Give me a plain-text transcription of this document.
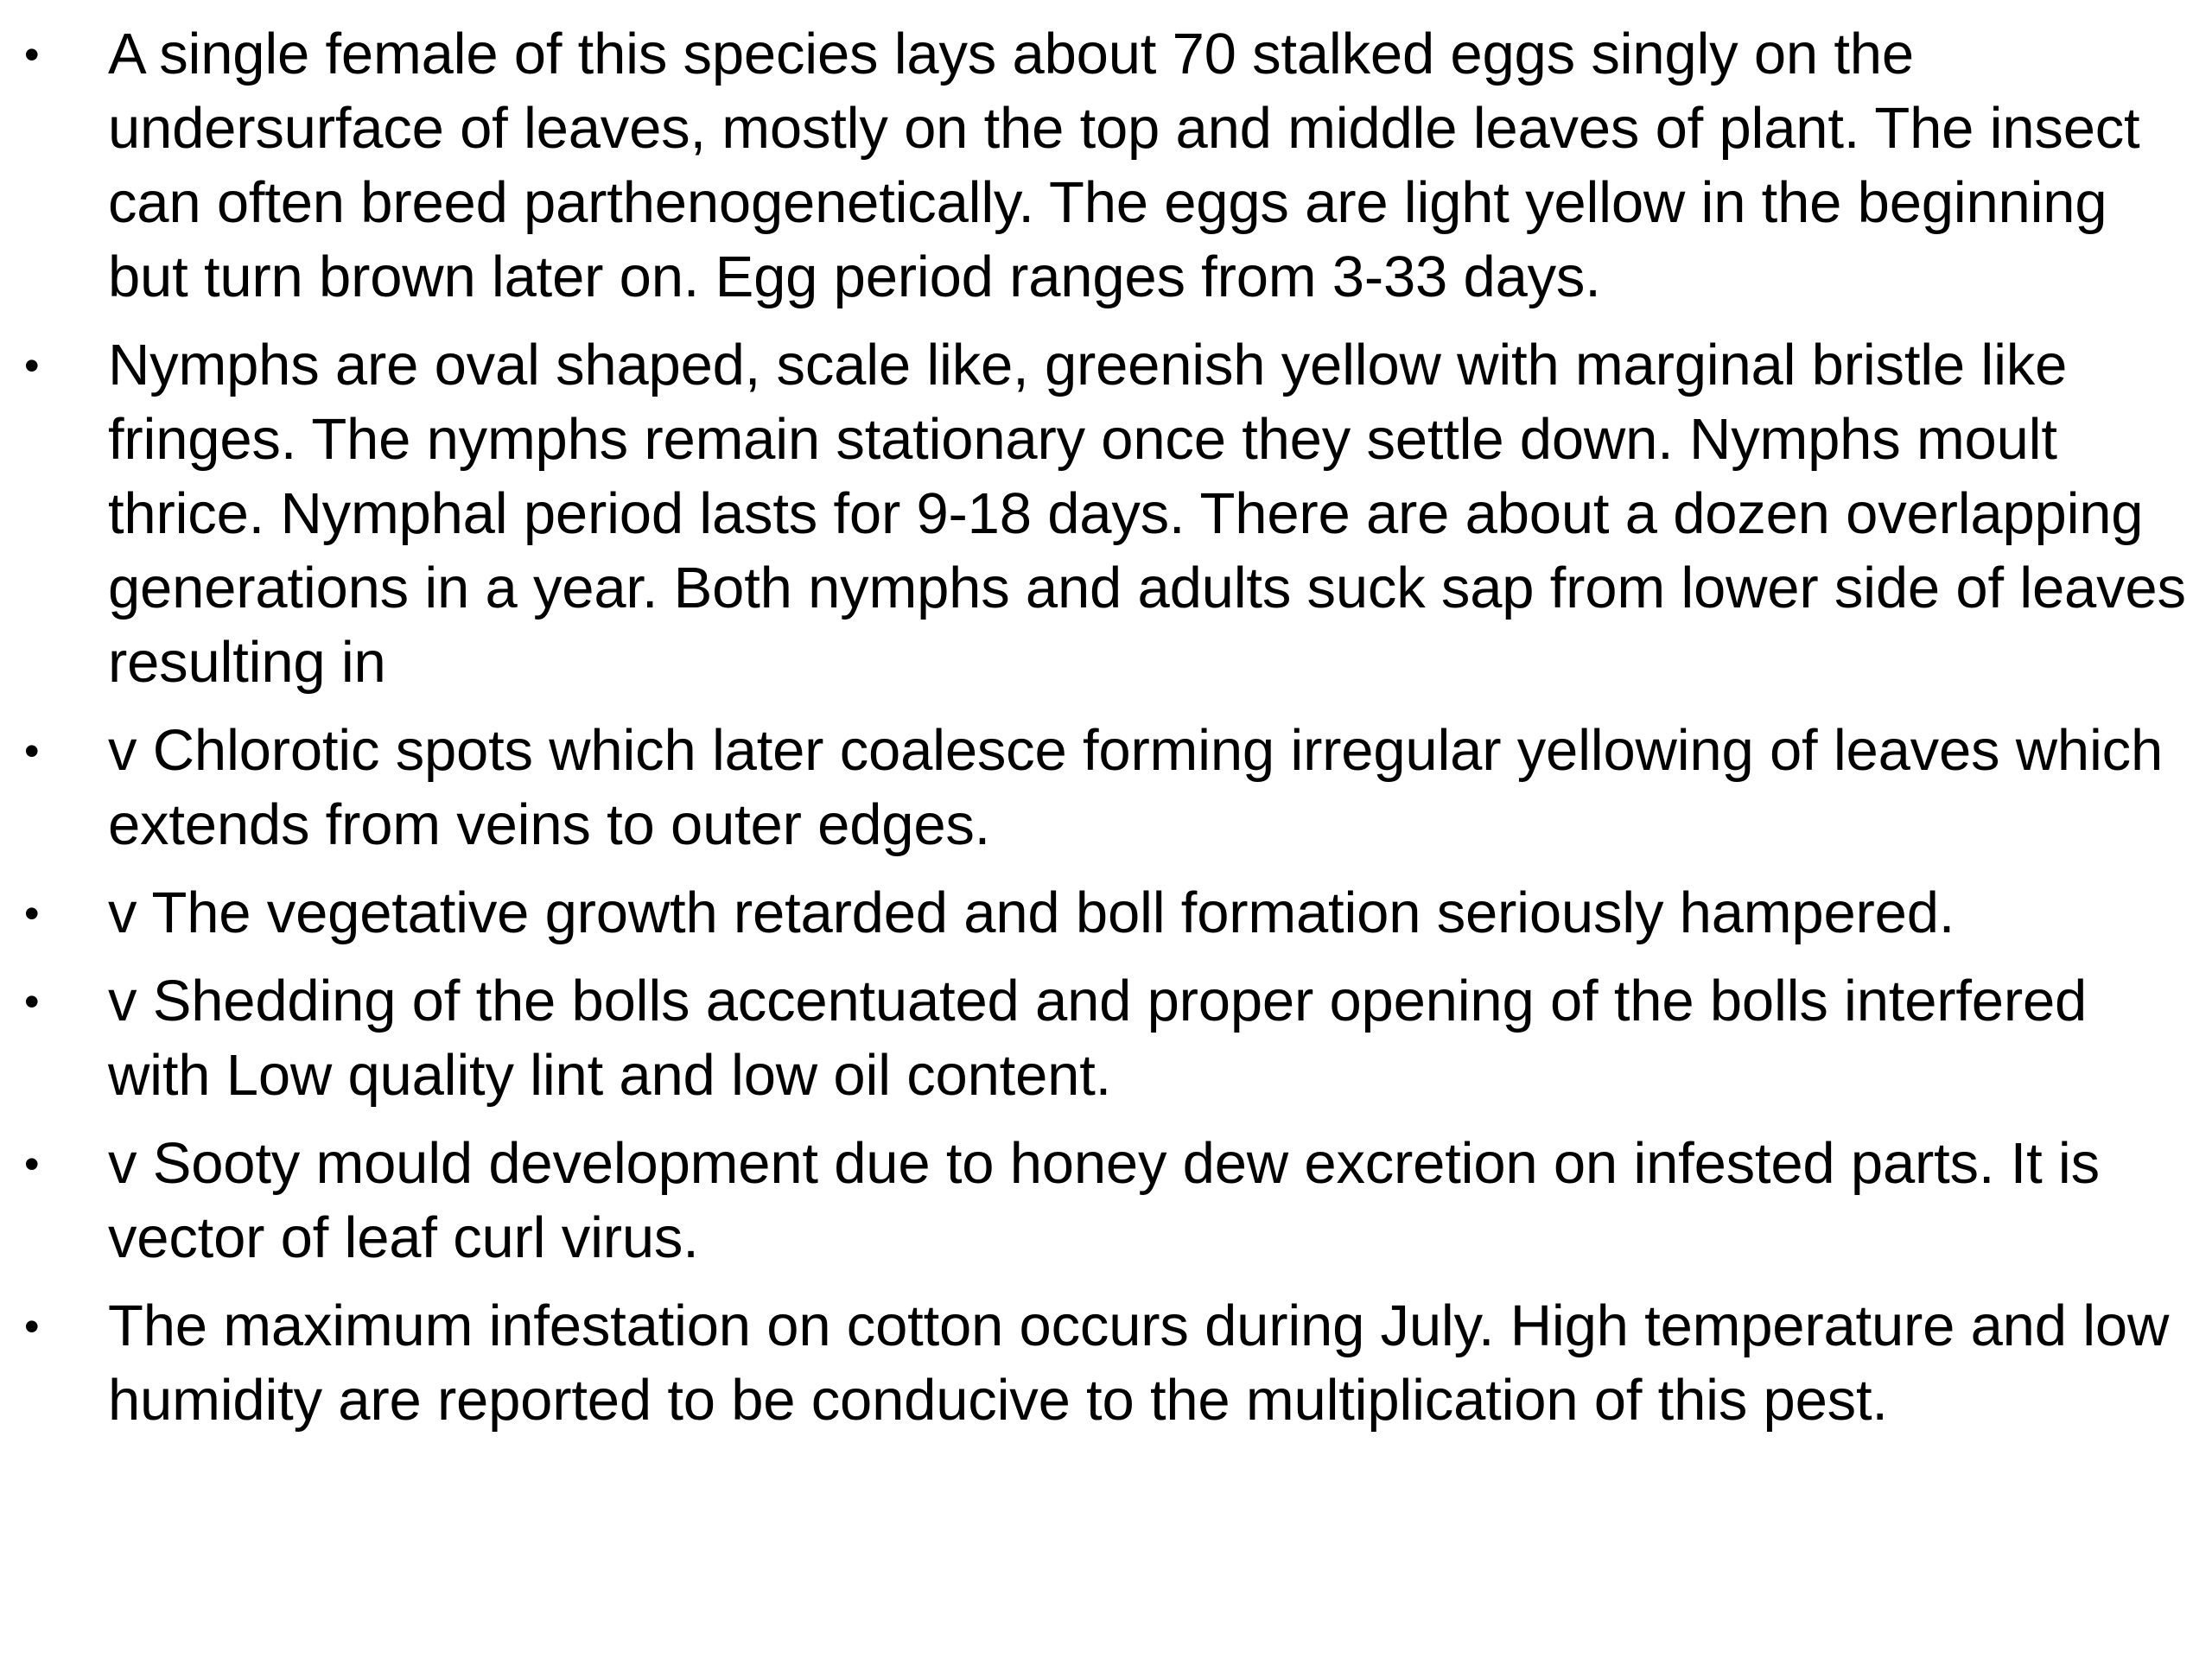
•	A single female of this species lays about 70 stalked eggs singly on the undersurface of leaves, mostly on the top and middle leaves of plant. The insect can often breed parthenogenetically. The eggs are light yellow in the beginning but turn brown later on. Egg period ranges from 3-33 days.
•	Nymphs are oval shaped, scale like, greenish yellow with marginal bristle like fringes. The nymphs remain stationary once they settle down. Nymphs moult thrice. Nymphal period lasts for 9-18 days. There are about a dozen overlapping generations in a year. Both nymphs and adults suck sap from lower side of leaves resulting in
•	v Chlorotic spots which later coalesce forming irregular yellowing of leaves which extends from veins to outer edges.
•	v The vegetative growth retarded and boll formation seriously hampered.
•	v Shedding of the bolls accentuated and proper opening of the bolls interfered with Low quality lint and low oil content.
•	v Sooty mould development due to honey dew excretion on infested parts. It is vector of leaf curl virus.
•	The maximum infestation on cotton occurs during July. High temperature and low humidity are reported to be conducive to the multiplication of this pest.
